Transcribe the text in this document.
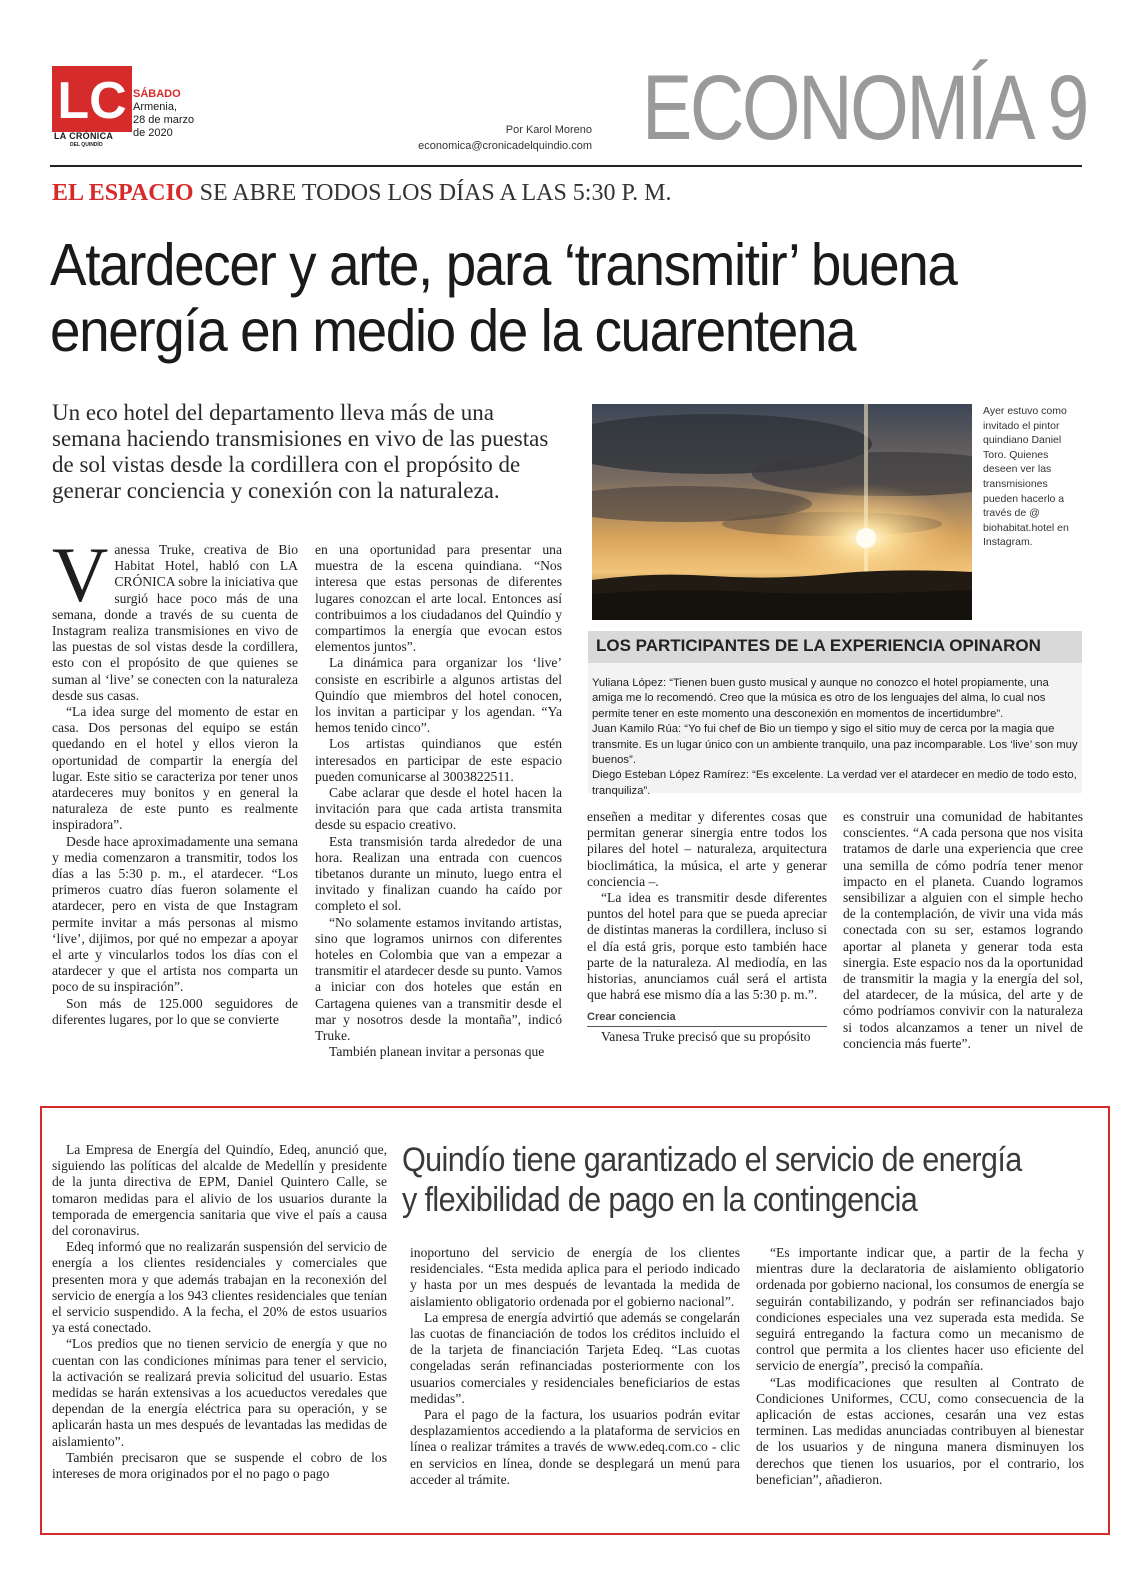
LC
LA CRÓNICA
DEL QUINDÍO
SÁBADO
Armenia,
28 de marzo
de 2020	Por Karol Moreno
economica@cronicadelquindio.com ECONOMÍA 9
EL ESPACIO SE ABRE TODOS LOS DÍAS A LAS 5:30 P. M.
Atardecer y arte, para ‘transmitir’ buena
energía en medio de la cuarentena
Un eco hotel del departamento lleva más de una semana haciendo transmisiones en vivo de las puestas de sol vistas desde la cordillera con el propósito de generar conciencia y conexión con la naturaleza.
V anessa Truke, creativa de Bio Habitat Hotel, habló con LA CRÓNICA sobre la iniciativa que surgió hace poco más de una semana, donde a través de su cuenta de Instagram realiza transmisiones en vivo de las puestas de sol vistas desde la cordillera, esto con el propósito de que quienes se suman al ‘live’ se conecten con la naturaleza desde sus casas.

“La idea surge del momento de estar en casa. Dos personas del equipo se están quedando en el hotel y ellos vieron la oportunidad de compartir la energía del lugar. Este sitio se caracteriza por tener unos atardeceres muy bonitos y en general la naturaleza de este punto es realmente inspiradora”.

Desde hace aproximadamente una semana y media comenzaron a transmitir, todos los días a las 5:30 p. m., el atardecer. “Los primeros cuatro días fueron solamente el atardecer, pero en vista de que Instagram permite invitar a más personas al mismo ‘live’, dijimos, por qué no empezar a apoyar el arte y vincularlos todos los días con el atardecer y que el artista nos comparta un poco de su inspiración”.

Son más de 125.000 seguidores de diferentes lugares, por lo que se convierte

en una oportunidad para presentar una muestra de la escena quindiana. “Nos interesa que estas personas de diferentes lugares conozcan el arte local. Entonces así contribuimos a los ciudadanos del Quindío y compartimos la energía que evocan estos elementos juntos”.

La dinámica para organizar los ‘live’ consiste en escribirle a algunos artistas del Quindío que miembros del hotel conocen, los invitan a participar y los agendan. “Ya hemos tenido cinco”.

Los artistas quindianos que estén interesados en participar de este espacio pueden comunicarse al 3003822511.

Cabe aclarar que desde el hotel hacen la invitación para que cada artista transmita desde su espacio creativo.

Esta transmisión tarda alrededor de una hora. Realizan una entrada con cuencos tibetanos durante un minuto, luego entra el invitado y finalizan cuando ha caído por completo el sol.

“No solamente estamos invitando artistas, sino que logramos unirnos con diferentes hoteles en Colombia que van a empezar a transmitir el atardecer desde su punto. Vamos a iniciar con dos hoteles que están en Cartagena quienes van a transmitir desde el mar y nosotros desde la montaña”, indicó Truke.

También planean invitar a personas que

Ayer estuvo como invitado el pintor quindiano Daniel Toro. Quienes deseen ver las transmisiones pueden hacerlo a través de @ biohabitat.hotel en Instagram.
LOS PARTICIPANTES DE LA EXPERIENCIA OPINARON

Yuliana López: “Tienen buen gusto musical y aunque no conozco el hotel propiamente, una amiga me lo recomendó. Creo que la música es otro de los lenguajes del alma, lo cual nos permite tener en este momento una desconexión en momentos de incertidumbre”.

Juan Kamilo Rúa: “Yo fui chef de Bio un tiempo y sigo el sitio muy de cerca por la magia que transmite. Es un lugar único con un ambiente tranquilo, una paz incomparable. Los ‘live’ son muy buenos”.

Diego Esteban López Ramírez: “Es excelente. La verdad ver el atardecer en medio de todo esto, tranquiliza”.

enseñen a meditar y diferentes cosas que permitan generar sinergia entre todos los pilares del hotel – naturaleza, arquitectura bioclimática, la música, el arte y generar conciencia –.

“La idea es transmitir desde diferentes puntos del hotel para que se pueda apreciar de distintas maneras la cordillera, incluso si el día está gris, porque esto también hace parte de la naturaleza. Al mediodía, en las historias, anunciamos cuál será el artista que habrá ese mismo día a las 5:30 p. m.”.

Crear conciencia

Vanesa Truke precisó que su propósito

es construir una comunidad de habitantes conscientes. “A cada persona que nos visita tratamos de darle una experiencia que cree una semilla de cómo podría tener menor impacto en el planeta. Cuando logramos sensibilizar a alguien con el simple hecho de la contemplación, de vivir una vida más conectada con su ser, estamos logrando aportar al planeta y generar toda esta sinergia. Este espacio nos da la oportunidad de transmitir la magia y la energía del sol, del atardecer, de la música, del arte y de cómo podríamos convivir con la naturaleza si todos alcanzamos a tener un nivel de conciencia más fuerte”.

La Empresa de Energía del Quindío, Edeq, anunció que, siguiendo las políticas del alcalde de Medellín y presidente de la junta directiva de EPM, Daniel Quintero Calle, se tomaron medidas para el alivio de los usuarios durante la temporada de emergencia sanitaria que vive el país a causa del coronavirus.

Edeq informó que no realizarán suspensión del servicio de energía a los clientes residenciales y comerciales que presenten mora y que además trabajan en la reconexión del servicio de energía a los 943 clientes residenciales que tenían el servicio suspendido. A la fecha, el 20% de estos usuarios ya está conectado.

“Los predios que no tienen servicio de energía y que no cuentan con las condiciones mínimas para tener el servicio, la activación se realizará previa solicitud del usuario. Estas medidas se harán extensivas a los acueductos veredales que dependan de la energía eléctrica para su operación, y se aplicarán hasta un mes después de levantadas las medidas de aislamiento”.

También precisaron que se suspende el cobro de los intereses de mora originados por el no pago o pago

Quindío tiene garantizado el servicio de energía
y flexibilidad de pago en la contingencia

inoportuno del servicio de energía de los clientes residenciales. “Esta medida aplica para el periodo indicado y hasta por un mes después de levantada la medida de aislamiento obligatorio ordenada por el gobierno nacional”.

La empresa de energía advirtió que además se congelarán las cuotas de financiación de todos los créditos incluido el de la tarjeta de financiación Tarjeta Edeq. “Las cuotas congeladas serán refinanciadas posteriormente con los usuarios comerciales y residenciales beneficiarios de estas medidas”.

Para el pago de la factura, los usuarios podrán evitar desplazamientos accediendo a la plataforma de servicios en línea o realizar trámites a través de www.edeq.com.co - clic en servicios en línea, donde se desplegará un menú para acceder al trámite.

“Es importante indicar que, a partir de la fecha y mientras dure la declaratoria de aislamiento obligatorio ordenada por gobierno nacional, los consumos de energía se seguirán contabilizando, y podrán ser refinanciados bajo condiciones especiales una vez superada esta medida. Se seguirá entregando la factura como un mecanismo de control que permita a los clientes hacer uso eficiente del servicio de energía”, precisó la compañía.

“Las modificaciones que resulten al Contrato de Condiciones Uniformes, CCU, como consecuencia de la aplicación de estas acciones, cesarán una vez estas terminen. Las medidas anunciadas contribuyen al bienestar de los usuarios y de ninguna manera disminuyen los derechos que tienen los usuarios, por el contrario, los benefician”, añadieron.
